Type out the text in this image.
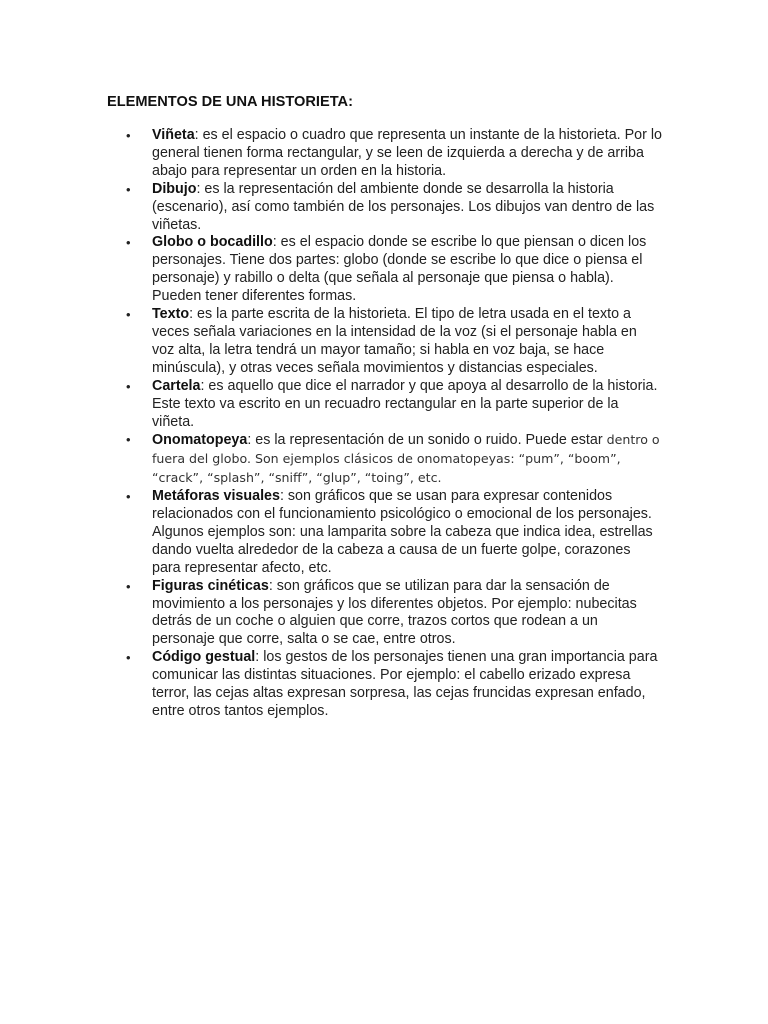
ELEMENTOS DE UNA HISTORIETA:
• Viñeta: es el espacio o cuadro que representa un instante de la historieta. Por lo general tienen forma rectangular, y se leen de izquierda a derecha y de arriba abajo para representar un orden en la historia.
• Dibujo: es la representación del ambiente donde se desarrolla la historia (escenario), así como también de los personajes. Los dibujos van dentro de las viñetas.
• Globo o bocadillo: es el espacio donde se escribe lo que piensan o dicen los personajes. Tiene dos partes: globo (donde se escribe lo que dice o piensa el personaje) y rabillo o delta (que señala al personaje que piensa o habla). Pueden tener diferentes formas.
• Texto: es la parte escrita de la historieta. El tipo de letra usada en el texto a veces señala variaciones en la intensidad de la voz (si el personaje habla en voz alta, la letra tendrá un mayor tamaño; si habla en voz baja, se hace minúscula), y otras veces señala movimientos y distancias especiales.
• Cartela: es aquello que dice el narrador y que apoya al desarrollo de la historia. Este texto va escrito en un recuadro rectangular en la parte superior de la viñeta.
• Onomatopeya: es la representación de un sonido o ruido. Puede estar dentro o fuera del globo. Son ejemplos clásicos de onomatopeyas: “pum”, “boom”, “crack”, “splash”, “sniff”, “glup”, “toing”, etc.
• Metáforas visuales: son gráficos que se usan para expresar contenidos relacionados con el funcionamiento psicológico o emocional de los personajes. Algunos ejemplos son: una lamparita sobre la cabeza que indica idea, estrellas dando vuelta alrededor de la cabeza a causa de un fuerte golpe, corazones para representar afecto, etc.
• Figuras cinéticas: son gráficos que se utilizan para dar la sensación de movimiento a los personajes y los diferentes objetos. Por ejemplo: nubecitas detrás de un coche o alguien que corre, trazos cortos que rodean a un personaje que corre, salta o se cae, entre otros.
• Código gestual: los gestos de los personajes tienen una gran importancia para comunicar las distintas situaciones. Por ejemplo: el cabello erizado expresa terror, las cejas altas expresan sorpresa, las cejas fruncidas expresan enfado, entre otros tantos ejemplos.
